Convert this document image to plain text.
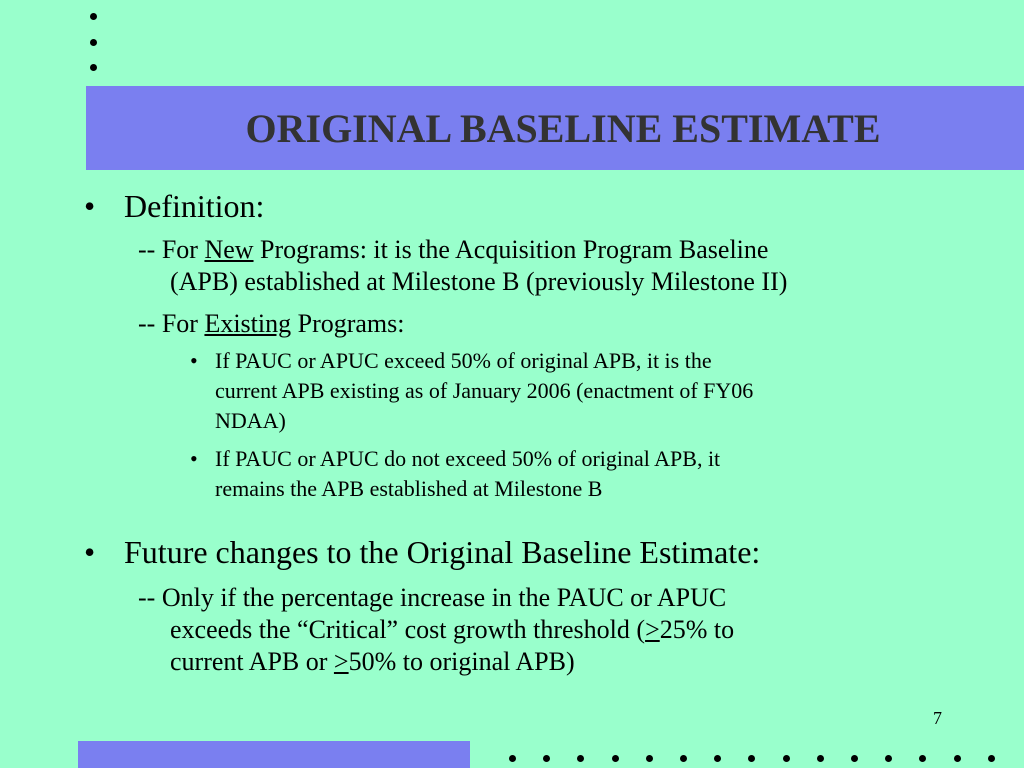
ORIGINAL BASELINE ESTIMATE

• Definition:

-- For New Programs: it is the Acquisition Program Baseline
(APB) established at Milestone B (previously Milestone II)

-- For Existing Programs:

• If PAUC or APUC exceed 50% of original APB, it is the
current APB existing as of January 2006 (enactment of FY06
NDAA)

• If PAUC or APUC do not exceed 50% of original APB, it
remains the APB established at Milestone B

• Future changes to the Original Baseline Estimate:

-- Only if the percentage increase in the PAUC or APUC
exceeds the “Critical” cost growth threshold (>25% to
current APB or >50% to original APB)

7
